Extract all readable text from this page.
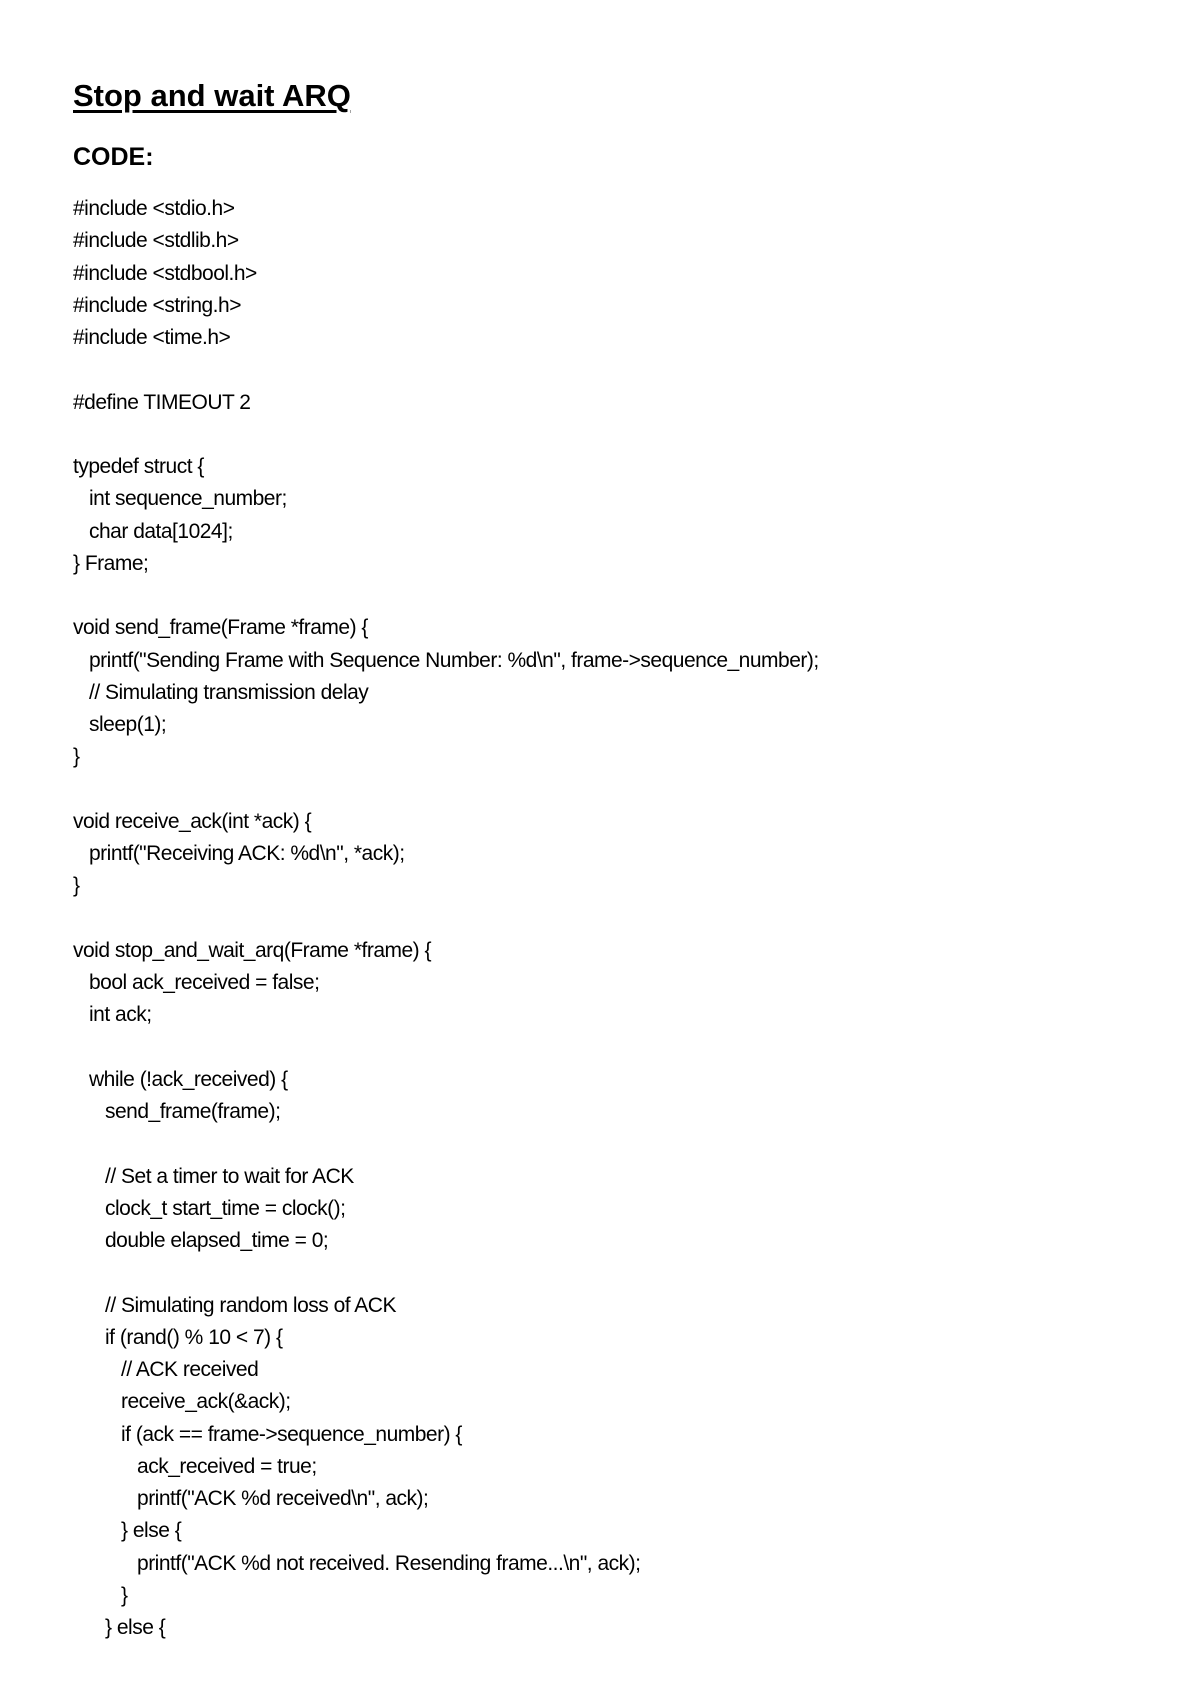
Stop and wait ARQ
CODE:
#include <stdio.h>
#include <stdlib.h>
#include <stdbool.h>
#include <string.h>
#include <time.h>
#define TIMEOUT 2
typedef struct {
int sequence_number;
char data[1024];
} Frame;
void send_frame(Frame *frame) {
printf("Sending Frame with Sequence Number: %d\n", frame->sequence_number);
// Simulating transmission delay
sleep(1);
}
void receive_ack(int *ack) {
printf("Receiving ACK: %d\n", *ack);
}
void stop_and_wait_arq(Frame *frame) {
bool ack_received = false;
int ack;
while (!ack_received) {
send_frame(frame);
// Set a timer to wait for ACK
clock_t start_time = clock();
double elapsed_time = 0;
// Simulating random loss of ACK
if (rand() % 10 < 7) {
// ACK received
receive_ack(&ack);
if (ack == frame->sequence_number) {
ack_received = true;
printf("ACK %d received\n", ack);
} else {
printf("ACK %d not received. Resending frame...\n", ack);
}
} else {
